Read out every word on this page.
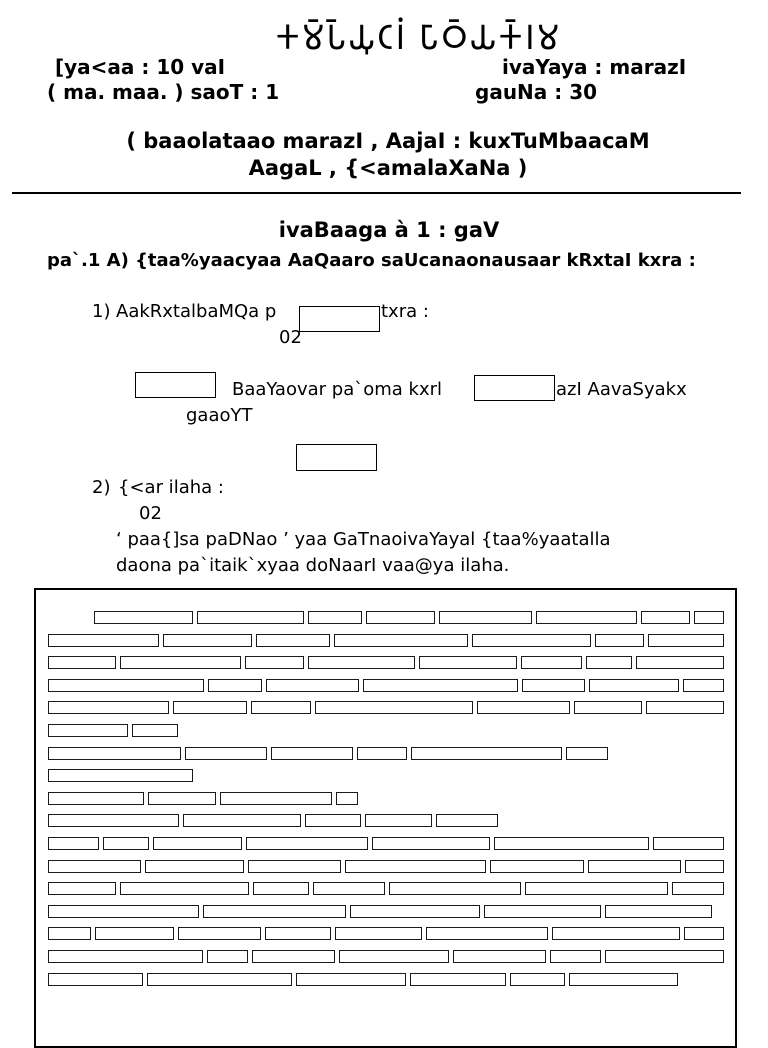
𑀓𑀫𑁆𑀧𑁆𑀬𑀼𑀝𑀭𑀁 𑀧𑀸𑀞𑁆𑀬𑀓𑁆𑀭𑀫
[ya<aa : 10 vaI
( ma. maa. ) saoT : 1
ivaYaya : marazI
gauNa : 30
( baaolataao marazI , AajaI : kuxTuMbaacaM
AagaL , {<amalaXaNa )
ivaBaaga à 1 : gaV
pa`.1 A) {taa%yaacyaa AaQaaro saUcanaonausaar kRxtaI kxra :
1) AakRxtalbaMQa p	txra :
02
BaaYaovar pa`oma kxrl	azI AavaSyakx
gaaoYT
2) {<ar ilaha :
02
‘ paa{]sa paDNao ’ yaa GaTnaoivaYayal {taa%yaatalla
daona pa`itaik`xyaa doNaarI vaa@ya ilaha.
